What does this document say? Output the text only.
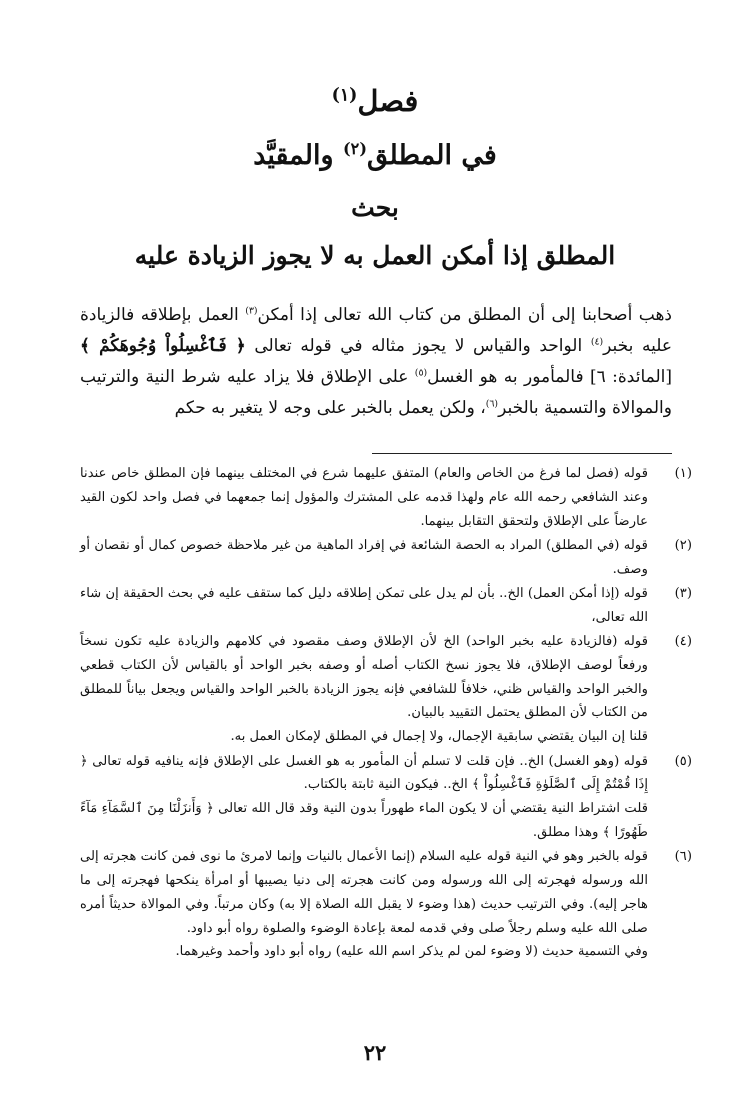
فصل$^{(١)}$
في المطلق$^{(٢)}$ والمقيَّد
بحث
المطلق إذا أمكن العمل به لا يجوز الزيادة عليه

ذهب أصحابنا إلى أن المطلق من كتاب الله تعالى إذا أمكن$^{(٣)}$ العمل بإطلاقه فالزيادة عليه بخبر$^{(٤)}$ الواحد والقياس لا يجوز مثاله في قوله تعالى ﴿ فَٱغْسِلُواْ وُجُوهَكُمْ ﴾ [المائدة: ٦] فالمأمور به هو الغسل$^{(٥)}$ على الإطلاق فلا يزاد عليه شرط النية والترتيب والموالاة والتسمية بالخبر$^{(٦)}$، ولكن يعمل بالخبر على وجه لا يتغير به حكم

(١)

قوله (فصل لما فرغ من الخاص والعام) المتفق عليهما شرع في المختلف بينهما فإن المطلق خاص عندنا وعند الشافعي رحمه الله عام ولهذا قدمه على المشترك والمؤول إنما جمعهما في فصل واحد لكون القيد عارضاً على الإطلاق ولتحقق التقابل بينهما.

(٢)

قوله (في المطلق) المراد به الحصة الشائعة في إفراد الماهية من غير ملاحظة خصوص كمال أو نقصان أو وصف.

(٣)

قوله (إذا أمكن العمل) الخ.. بأن لم يدل على تمكن إطلاقه دليل كما ستقف عليه في بحث الحقيقة إن شاء الله تعالى،

(٤)

قوله (فالزيادة عليه بخبر الواحد) الخ لأن الإطلاق وصف مقصود في كلامهم والزيادة عليه تكون نسخاً ورفعاً لوصف الإطلاق، فلا يجوز نسخ الكتاب أصله أو وصفه بخبر الواحد أو بالقياس لأن الكتاب قطعي والخبر الواحد والقياس ظني، خلافاً للشافعي فإنه يجوز الزيادة بالخبر الواحد والقياس ويجعل بياناً للمطلق من الكتاب لأن المطلق يحتمل التقييد بالبيان.

قلنا إن البيان يقتضي سابقية الإجمال، ولا إجمال في المطلق لإمكان العمل به.

(٥)

قوله (وهو الغسل) الخ.. فإن قلت لا تسلم أن المأمور به هو الغسل على الإطلاق فإنه ينافيه قوله تعالى ﴿ إِذَا قُمْتُمْ إِلَى ٱلصَّلَوٰةِ فَٱغْسِلُواْ ﴾ الخ.. فيكون النية ثابتة بالكتاب.

قلت اشتراط النية يقتضي أن لا يكون الماء طهوراً بدون النية وقد قال الله تعالى ﴿ وَأَنزَلْنَا مِنَ ٱلسَّمَآءِ مَآءً طَهُورًا ﴾ وهذا مطلق.

(٦)

قوله بالخبر وهو في النية قوله عليه السلام (إنما الأعمال بالنيات وإنما لامرئ ما نوى فمن كانت هجرته إلى الله ورسوله فهجرته إلى الله ورسوله ومن كانت هجرته إلى دنيا يصيبها أو امرأة ينكحها فهجرته إلى ما هاجر إليه). وفي الترتيب حديث (هذا وضوء لا يقبل الله الصلاة إلا به) وكان مرتباً. وفي الموالاة حديثاً أمره صلى الله عليه وسلم رجلاً صلى وفي قدمه لمعة بإعادة الوضوء والصلوة رواه أبو داود.

وفي التسمية حديث (لا وضوء لمن لم يذكر اسم الله عليه) رواه أبو داود وأحمد وغيرهما.

٢٢
